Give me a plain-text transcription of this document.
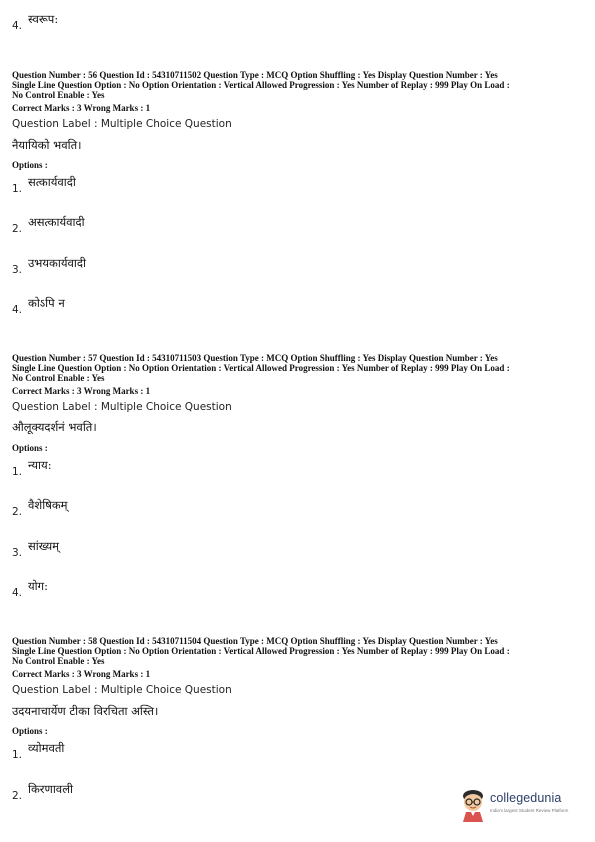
4. स्वरूप:
Question Number : 56 Question Id : 54310711502 Question Type : MCQ Option Shuffling : Yes Display Question Number : Yes
Single Line Question Option : No Option Orientation : Vertical Allowed Progression : Yes Number of Replay : 999 Play On Load :
No Control Enable : Yes
Correct Marks : 3 Wrong Marks : 1
Question Label : Multiple Choice Question
नैयायिको भवति।
Options :
1. सत्कार्यवादी
2. असत्कार्यवादी
3. उभयकार्यवादी
4. कोऽपि न
Question Number : 57 Question Id : 54310711503 Question Type : MCQ Option Shuffling : Yes Display Question Number : Yes
Single Line Question Option : No Option Orientation : Vertical Allowed Progression : Yes Number of Replay : 999 Play On Load :
No Control Enable : Yes
Correct Marks : 3 Wrong Marks : 1
Question Label : Multiple Choice Question
औलूक्यदर्शनं भवति।
Options :
1. न्याय:
2. वैशेषिकम्
3. सांख्यम्
4. योग:
Question Number : 58 Question Id : 54310711504 Question Type : MCQ Option Shuffling : Yes Display Question Number : Yes
Single Line Question Option : No Option Orientation : Vertical Allowed Progression : Yes Number of Replay : 999 Play On Load :
No Control Enable : Yes
Correct Marks : 3 Wrong Marks : 1
Question Label : Multiple Choice Question
उदयनाचार्येण टीका विरचिता अस्ति।
Options :
1. व्योमवती
2. किरणावली
collegedunia
India's largest Student Review Platform
